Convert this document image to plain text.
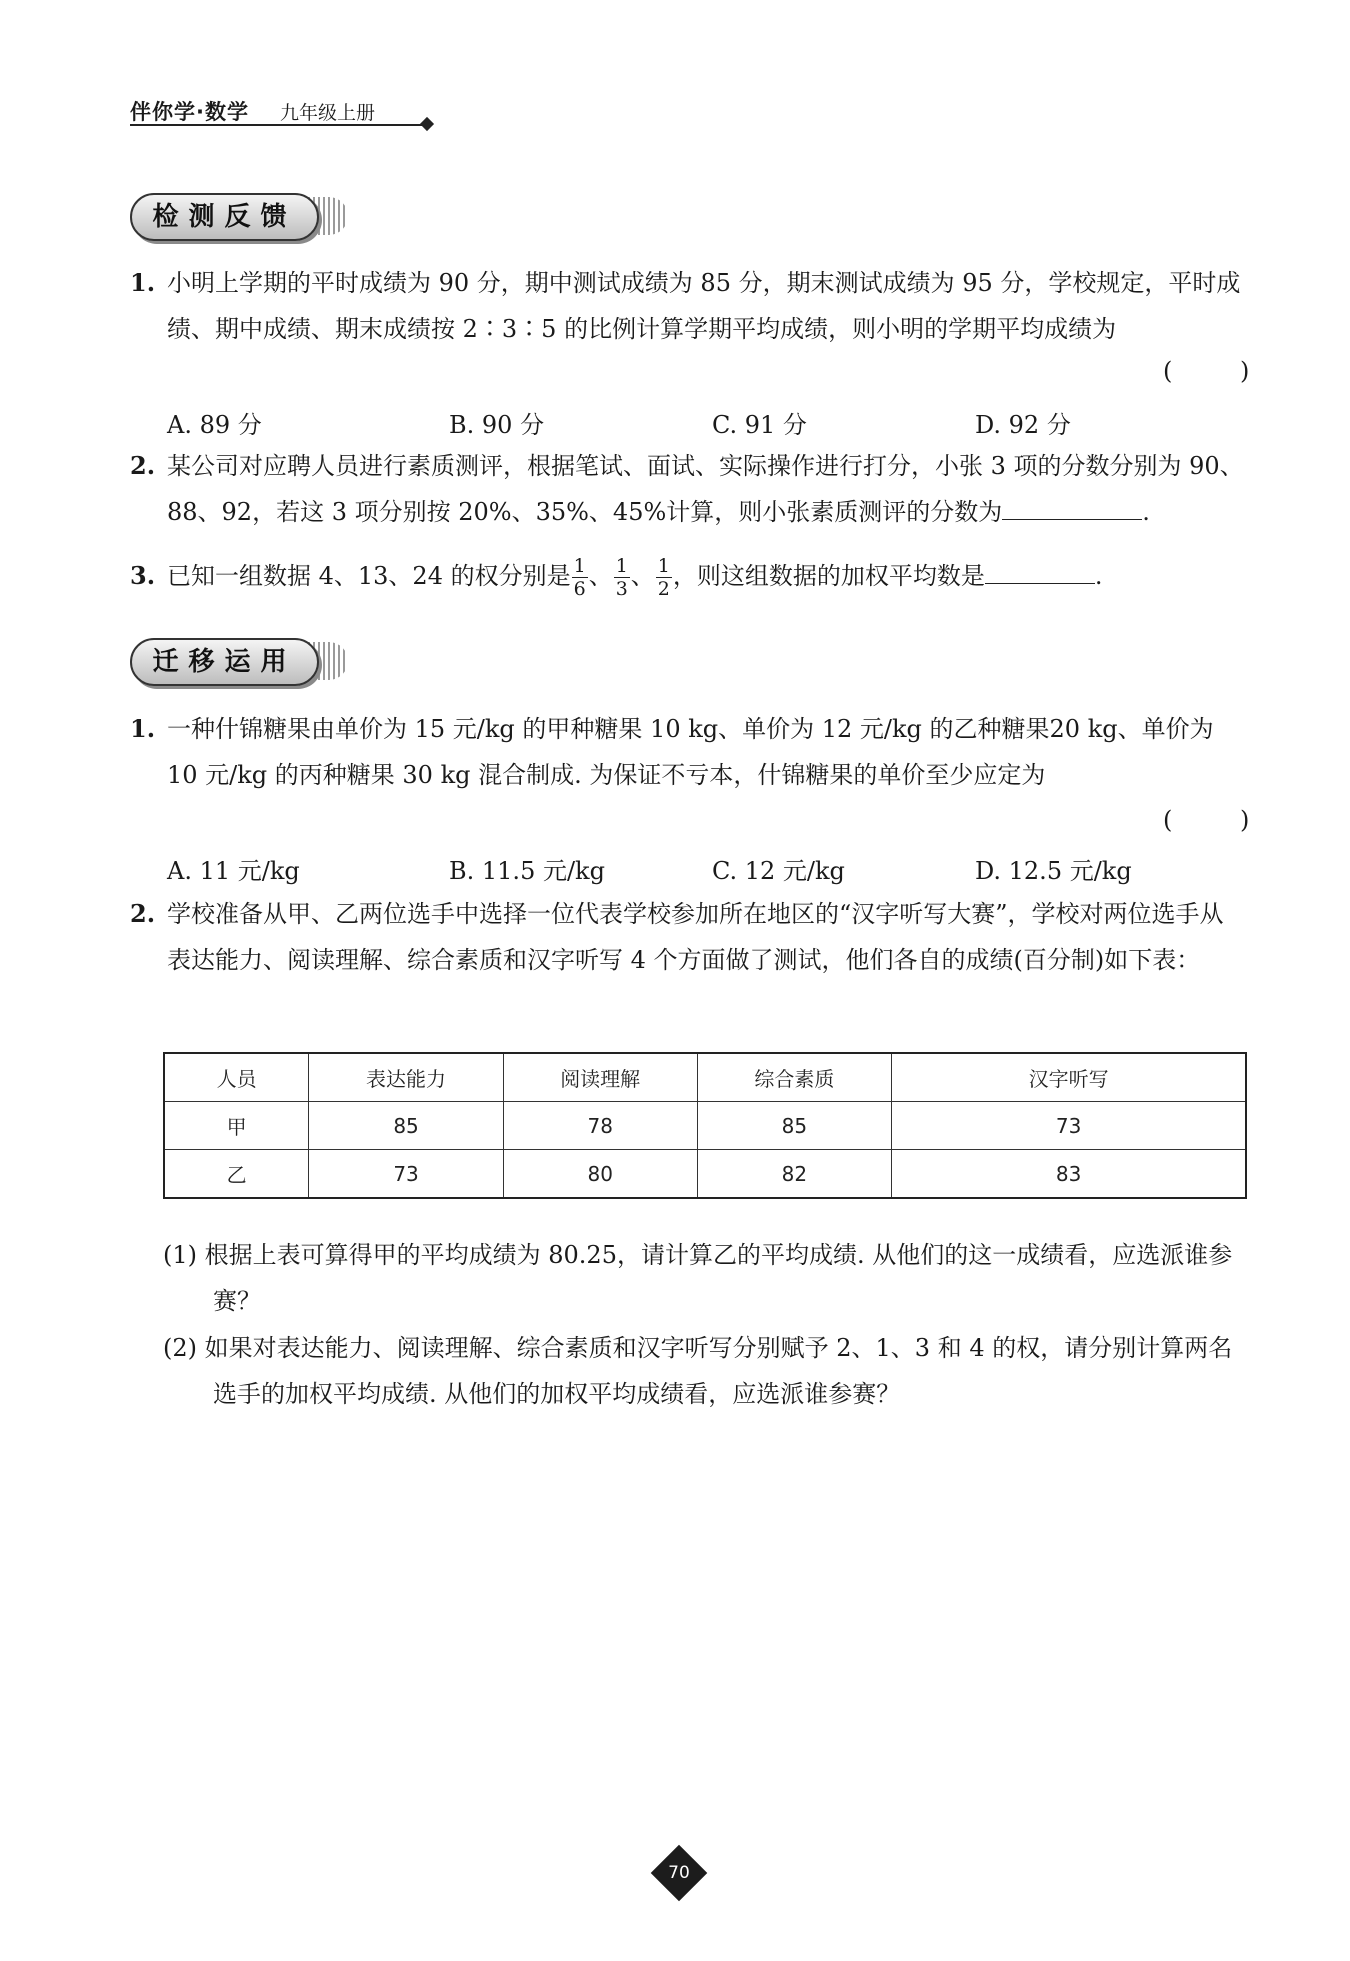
伴你学·数学 九年级上册
检测反馈
1. 小明上学期的平时成绩为 90 分，期中测试成绩为 85 分，期末测试成绩为 95 分，学校规定，平时成绩、期中成绩、期末成绩按 2∶3∶5 的比例计算学期平均成绩，则小明的学期平均成绩为
( )
A. 89 分	B. 90 分	C. 91 分	D. 92 分
2. 某公司对应聘人员进行素质测评，根据笔试、面试、实际操作进行打分，小张 3 项的分数分别为 90、88、92，若这 3 项分别按 20%、35%、45%计算，则小张素质测评的分数为	.
3. 已知一组数据 4、13、24 的权分别是 $\frac{1}{6}$ 、 $\frac{1}{3}$ 、 $\frac{1}{2}$ ，则这组数据的加权平均数是	.
迁移运用
1. 一种什锦糖果由单价为 15 元/kg 的甲种糖果 10 kg、单价为 12 元/kg 的乙种糖果20 kg、单价为 10 元/kg 的丙种糖果 30 kg 混合制成. 为保证不亏本，什锦糖果的单价至少应定为
( )
A. 11 元/kg	B. 11.5 元/kg	C. 12 元/kg	D. 12.5 元/kg
2. 学校准备从甲、乙两位选手中选择一位代表学校参加所在地区的“汉字听写大赛”，学校对两位选手从表达能力、阅读理解、综合素质和汉字听写 4 个方面做了测试，他们各自的成绩(百分制)如下表：
人员	表达能力	阅读理解	综合素质	汉字听写
甲	85	78	85	73
乙	73	80	82	83
(1) 根据上表可算得甲的平均成绩为 80.25，请计算乙的平均成绩. 从他们的这一成绩看，应选派谁参赛？
(2) 如果对表达能力、阅读理解、综合素质和汉字听写分别赋予 2、1、3 和 4 的权，请分别计算两名选手的加权平均成绩. 从他们的加权平均成绩看，应选派谁参赛？
70
